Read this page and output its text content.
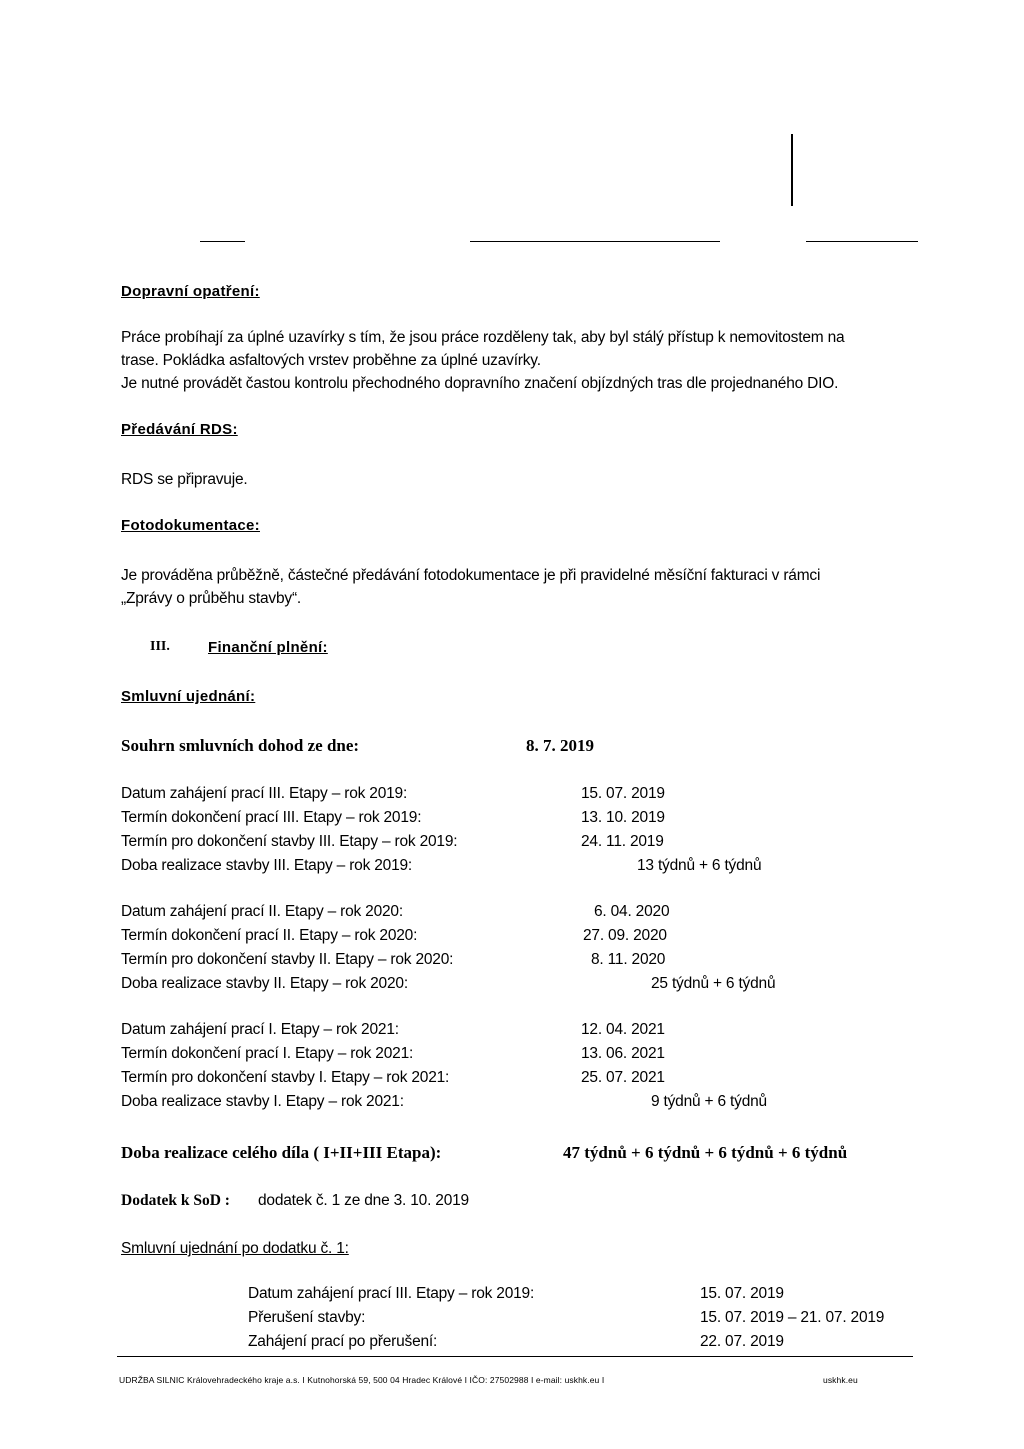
Dopravní opatření:
Práce probíhají za úplné uzavírky s tím, že jsou práce rozděleny tak, aby byl stálý přístup k nemovitostem na
trase. Pokládka asfaltových vrstev proběhne za úplné uzavírky.
Je nutné provádět častou kontrolu přechodného dopravního značení objízdných tras dle projednaného DIO.
Předávání RDS:
RDS se připravuje.
Fotodokumentace:
Je prováděna průběžně, částečné předávání fotodokumentace je při pravidelné měsíční fakturaci v rámci
„Zprávy o průběhu stavby“.
III.	Finanční plnění:
Smluvní ujednání:
Souhrn smluvních dohod ze dne:	8. 7. 2019
Datum zahájení prací III. Etapy – rok 2019:	15. 07. 2019
Termín dokončení prací III. Etapy – rok 2019:	13. 10. 2019
Termín pro dokončení stavby III. Etapy – rok 2019:	24. 11. 2019
Doba realizace stavby III. Etapy – rok 2019:	13 týdnů + 6 týdnů
Datum zahájení prací II. Etapy – rok 2020:	6. 04. 2020
Termín dokončení prací II. Etapy – rok 2020:	27. 09. 2020
Termín pro dokončení stavby II. Etapy – rok 2020:	8. 11. 2020
Doba realizace stavby II. Etapy – rok 2020:	25 týdnů + 6 týdnů
Datum zahájení prací I. Etapy – rok 2021:	12. 04. 2021
Termín dokončení prací I. Etapy – rok 2021:	13. 06. 2021
Termín pro dokončení stavby I. Etapy – rok 2021:	25. 07. 2021
Doba realizace stavby I. Etapy – rok 2021:	9 týdnů + 6 týdnů
Doba realizace celého díla ( I+II+III Etapa):	47 týdnů + 6 týdnů + 6 týdnů + 6 týdnů
Dodatek k SoD : dodatek č. 1 ze dne 3. 10. 2019
Smluvní ujednání po dodatku č. 1:
Datum zahájení prací III. Etapy – rok 2019:	15. 07. 2019
Přerušení stavby:	15. 07. 2019 – 21. 07. 2019
Zahájení prací po přerušení:	22. 07. 2019
UDRŽBA SILNIC Královehradeckého kraje a.s. I Kutnohorská 59, 500 04 Hradec Králové I IČO: 27502988 I e-mail: uskhk.eu I	uskhk.eu
